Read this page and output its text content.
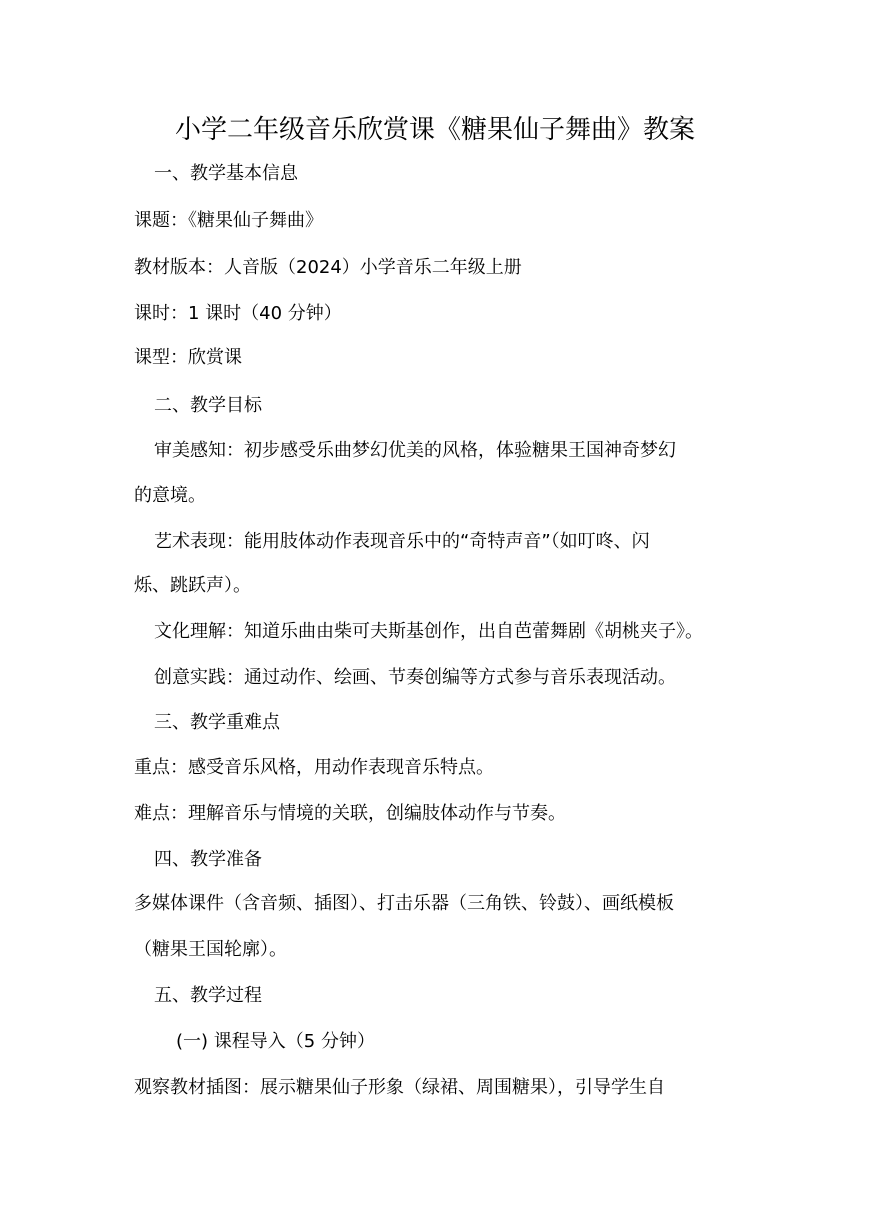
小学二年级音乐欣赏课《糖果仙子舞曲》教案
一、教学基本信息
课题：《糖果仙子舞曲》
教材版本：人音版（2024）小学音乐二年级上册
课时：1 课时（40 分钟）
课型：欣赏课
二、教学目标
审美感知：初步感受乐曲梦幻优美的风格，体验糖果王国神奇梦幻
的意境。
艺术表现：能用肢体动作表现音乐中的“奇特声音”（如叮咚、闪
烁、跳跃声）。
文化理解：知道乐曲由柴可夫斯基创作，出自芭蕾舞剧《胡桃夹子》。
创意实践：通过动作、绘画、节奏创编等方式参与音乐表现活动。
三、教学重难点
重点：感受音乐风格，用动作表现音乐特点。
难点：理解音乐与情境的关联，创编肢体动作与节奏。
四、教学准备
多媒体课件（含音频、插图）、打击乐器（三角铁、铃鼓）、画纸模板
（糖果王国轮廓）。
五、教学过程
(一) 课程导入（5 分钟）
观察教材插图：展示糖果仙子形象（绿裙、周围糖果），引导学生自
